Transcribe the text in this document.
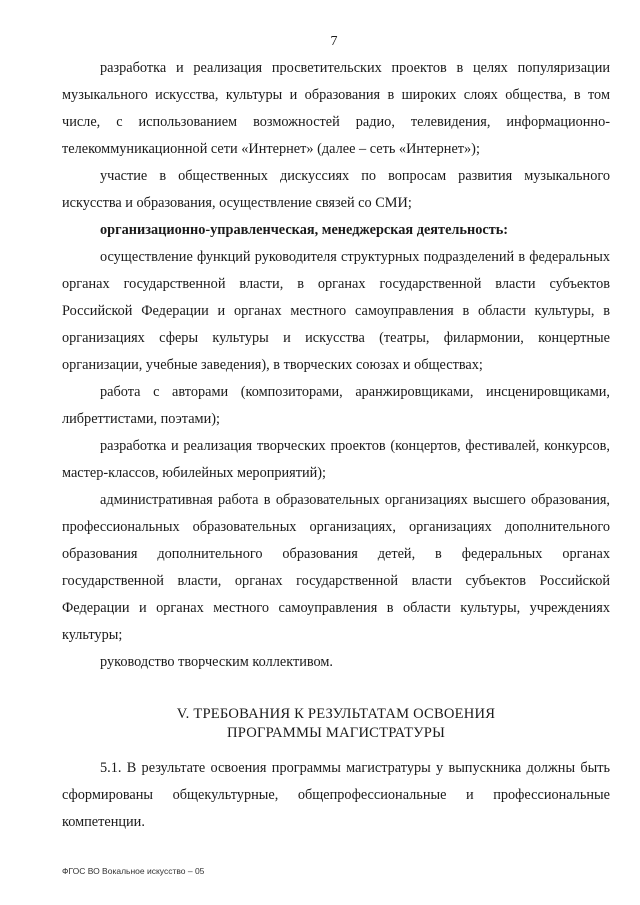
7

разработка и реализация просветительских проектов в целях популяризации музыкального искусства, культуры и образования в широких слоях общества, в том числе, с использованием возможностей радио, телевидения, информационно-телекоммуникационной сети «Интернет» (далее – сеть «Интернет»);

участие в общественных дискуссиях по вопросам развития музыкального искусства и образования, осуществление связей со СМИ;

организационно-управленческая, менеджерская деятельность:

осуществление функций руководителя структурных подразделений в федеральных органах государственной власти, в органах государственной власти субъектов Российской Федерации и органах местного самоуправления в области культуры, в организациях сферы культуры и искусства (театры, филармонии, концертные организации, учебные заведения), в творческих союзах и обществах;

работа с авторами (композиторами, аранжировщиками, инсценировщиками, либреттистами, поэтами);

разработка и реализация творческих проектов (концертов, фестивалей, конкурсов, мастер-классов, юбилейных мероприятий);

административная работа в образовательных организациях высшего образования, профессиональных образовательных организациях, организациях дополнительного образования дополнительного образования детей, в федеральных органах государственной власти, органах государственной власти субъектов Российской Федерации и органах местного самоуправления в области культуры, учреждениях культуры;

руководство творческим коллективом.

V. ТРЕБОВАНИЯ К РЕЗУЛЬТАТАМ ОСВОЕНИЯ
ПРОГРАММЫ МАГИСТРАТУРЫ

5.1. В результате освоения программы магистратуры у выпускника должны быть сформированы общекультурные, общепрофессиональные и профессиональные компетенции.

ФГОС ВО Вокальное искусство – 05
